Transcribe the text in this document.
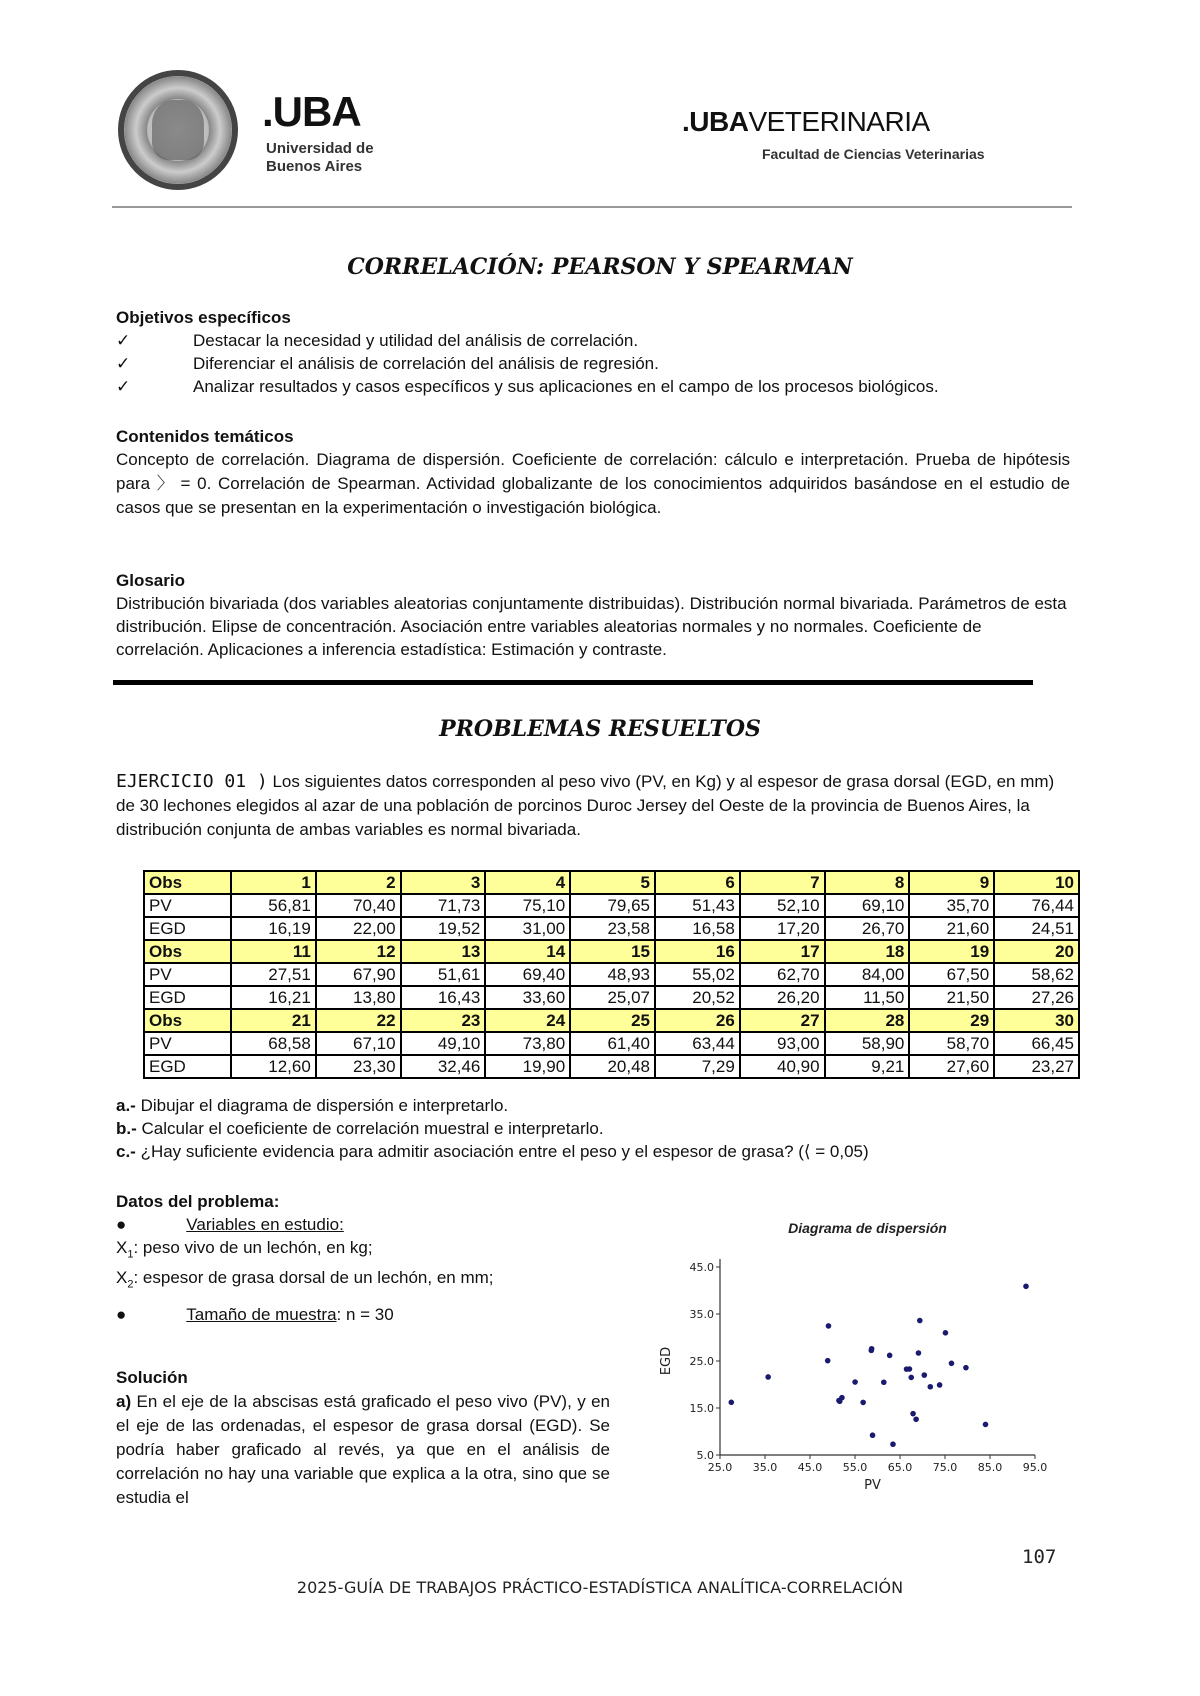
.UBA
Universidad de
Buenos Aires
.UBAVETERINARIA
Facultad de Ciencias Veterinarias
CORRELACIÓN: PEARSON Y SPEARMAN
Objetivos específicos
✓	Destacar la necesidad y utilidad del análisis de correlación.
✓	Diferenciar el análisis de correlación del análisis de regresión.
✓	Analizar resultados y casos específicos y sus aplicaciones en el campo de los procesos biológicos.
Contenidos temáticos
Concepto de correlación. Diagrama de dispersión. Coeficiente de correlación: cálculo e interpretación. Prueba de hipótesis para 〉 = 0. Correlación de Spearman. Actividad globalizante de los conocimientos adquiridos basándose en el estudio de casos que se presentan en la experimentación o investigación biológica.
Glosario
Distribución bivariada (dos variables aleatorias conjuntamente distribuidas). Distribución normal bivariada. Parámetros de esta distribución. Elipse de concentración. Asociación entre variables aleatorias normales y no normales. Coeficiente de correlación. Aplicaciones a inferencia estadística: Estimación y contraste.
PROBLEMAS RESUELTOS
EJERCICIO 01 ) Los siguientes datos corresponden al peso vivo (PV, en Kg) y al espesor de grasa dorsal (EGD, en mm) de 30 lechones elegidos al azar de una población de porcinos Duroc Jersey del Oeste de la provincia de Buenos Aires, la distribución conjunta de ambas variables es normal bivariada.
Obs	1	2	3	4	5	6	7	8	9	10
PV	56,81	70,40	71,73	75,10	79,65	51,43	52,10	69,10	35,70	76,44
EGD	16,19	22,00	19,52	31,00	23,58	16,58	17,20	26,70	21,60	24,51
Obs	11	12	13	14	15	16	17	18	19	20
PV	27,51	67,90	51,61	69,40	48,93	55,02	62,70	84,00	67,50	58,62
EGD	16,21	13,80	16,43	33,60	25,07	20,52	26,20	11,50	21,50	27,26
Obs	21	22	23	24	25	26	27	28	29	30
PV	68,58	67,10	49,10	73,80	61,40	63,44	93,00	58,90	58,70	66,45
EGD	12,60	23,30	32,46	19,90	20,48	7,29	40,90	9,21	27,60	23,27
a.- Dibujar el diagrama de dispersión e interpretarlo.
b.- Calcular el coeficiente de correlación muestral e interpretarlo.
c.- ¿Hay suficiente evidencia para admitir asociación entre el peso y el espesor de grasa? (⟨ = 0,05)
Datos del problema:
●	Variables en estudio:
$X_1$: peso vivo de un lechón, en kg;
$X_2$: espesor de grasa dorsal de un lechón, en mm;
●	Tamaño de muestra: n = 30
Solución
a) En el eje de la abscisas está graficado el peso vivo (PV), y en el eje de las ordenadas, el espesor de grasa dorsal (EGD). Se podría haber graficado al revés, ya que en el análisis de correlación no hay una variable que explica a la otra, sino que se estudia el
Diagrama de dispersión
5.0
15.0
25.0
35.0
45.0
25.0 35.0 45.0 55.0 65.0 75.0 85.0 95.0
PV
EGD
107
2025-GUÍA DE TRABAJOS PRÁCTICO-ESTADÍSTICA ANALÍTICA-CORRELACIÓN
